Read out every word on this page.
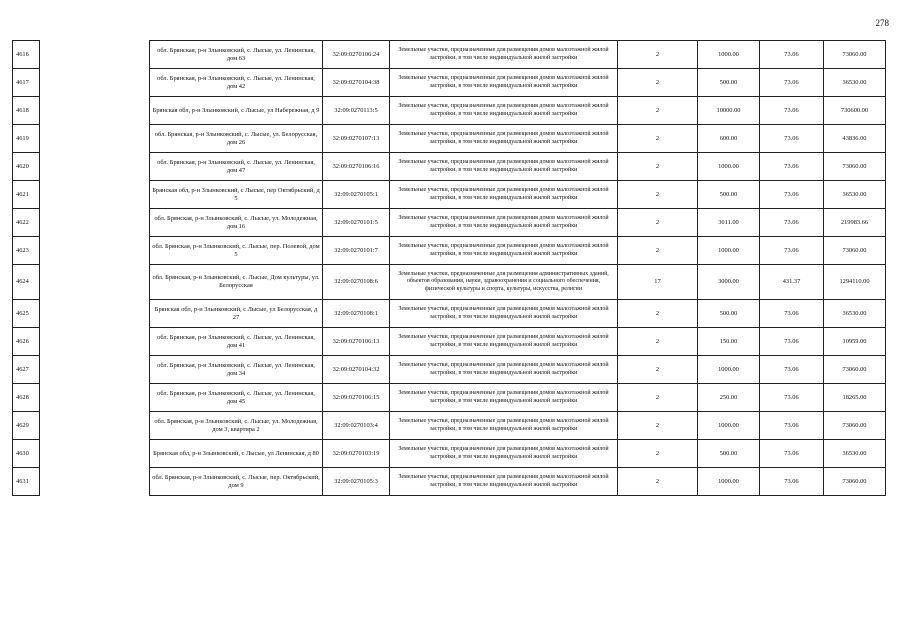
278
4616		обл. Брянская, р-н Злынковский, с. Лысые, ул. Ленинская, дом 63	32:09:0270106:24	Земельные участки, предназначенные для размещения домов малоэтажной жилой застройки, в том числе индивидуальной жилой застройки	2	1000.00	73.06	73060.00
4617		обл. Брянская, р-н Злынковский, с. Лысые, ул. Ленинская, дом 42	32:09:0270104:38	Земельные участки, предназначенные для размещения домов малоэтажной жилой застройки, в том числе индивидуальной жилой застройки	2	500.00	73.06	36530.00
4618		Брянская обл, р-н Злынковский, с Лысые, ул Набережная, д 9	32:09:0270113:5	Земельные участки, предназначенные для размещения домов малоэтажной жилой застройки, в том числе индивидуальной жилой застройки	2	10000.00	73.06	730600.00
4619		обл. Брянская, р-н Злынковский, с. Лысые, ул. Белорусская, дом 26	32:09:0270107:13	Земельные участки, предназначенные для размещения домов малоэтажной жилой застройки, в том числе индивидуальной жилой застройки	2	600.00	73.06	43836.00
4620		обл. Брянская, р-н Злынковский, с. Лысые, ул. Ленинская, дом 47	32:09:0270106:16	Земельные участки, предназначенные для размещения домов малоэтажной жилой застройки, в том числе индивидуальной жилой застройки	2	1000.00	73.06	73060.00
4621		Брянская обл, р-н Злынковский, с Лысые, пер Октябрьский, д 5	32:09:0270105:1	Земельные участки, предназначенные для размещения домов малоэтажной жилой застройки, в том числе индивидуальной жилой застройки	2	500.00	73.06	36530.00
4622		обл. Брянская, р-н Злынковский, с. Лысые, ул. Молодежная, дом 16	32:09:0270101:5	Земельные участки, предназначенные для размещения домов малоэтажной жилой застройки, в том числе индивидуальной жилой застройки	2	3011.00	73.06	219983.66
4623		обл. Брянская, р-н Злынковский, с. Лысые, пер. Полевой, дом 5	32:09:0270101:7	Земельные участки, предназначенные для размещения домов малоэтажной жилой застройки, в том числе индивидуальной жилой застройки	2	1000.00	73.06	73060.00
4624		обл. Брянская, р-н Злынковский, с. Лысые, Дом культуры, ул. Белорусская	32:09:0270108:6	Земельные участки, предназначенные для размещения административных зданий, объектов образования, науки, здравоохранения и социального обеспечения, физической культуры и спорта, культуры, искусства, религии	17	3000.00	431.37	1294110.00
4625		Брянская обл, р-н Злынковский, с Лысые, ул Белорусская, д 27	32:09:0270108:1	Земельные участки, предназначенные для размещения домов малоэтажной жилой застройки, в том числе индивидуальной жилой застройки	2	500.00	73.06	36530.00
4626		обл. Брянская, р-н Злынковский, с. Лысые, ул. Ленинская, дом 41	32:09:0270106:13	Земельные участки, предназначенные для размещения домов малоэтажной жилой застройки, в том числе индивидуальной жилой застройки	2	150.00	73.06	10959.00
4627		обл. Брянская, р-н Злынковский, с. Лысые, ул. Ленинская, дом 34	32:09:0270104:32	Земельные участки, предназначенные для размещения домов малоэтажной жилой застройки, в том числе индивидуальной жилой застройки	2	1000.00	73.06	73060.00
4628		обл. Брянская, р-н Злынковский, с. Лысые, ул. Ленинская, дом 45	32:09:0270106:15	Земельные участки, предназначенные для размещения домов малоэтажной жилой застройки, в том числе индивидуальной жилой застройки	2	250.00	73.06	18265.00
4629		обл. Брянская, р-н Злынковский, с. Лысые, ул. Молодежная, дом 3, квартира 2	32:09:0270103:4	Земельные участки, предназначенные для размещения домов малоэтажной жилой застройки, в том числе индивидуальной жилой застройки	2	1000.00	73.06	73060.00
4630		Брянская обл, р-н Злынковский, с Лысые, ул Ленинская, д 80	32:09:0270103:19	Земельные участки, предназначенные для размещения домов малоэтажной жилой застройки, в том числе индивидуальной жилой застройки	2	500.00	73.06	36530.00
4631		обл. Брянская, р-н Злынковский, с. Лысые, пер. Октябрьский, дом 9	32:09:0270105:3	Земельные участки, предназначенные для размещения домов малоэтажной жилой застройки, в том числе индивидуальной жилой застройки	2	1000.00	73.06	73060.00
